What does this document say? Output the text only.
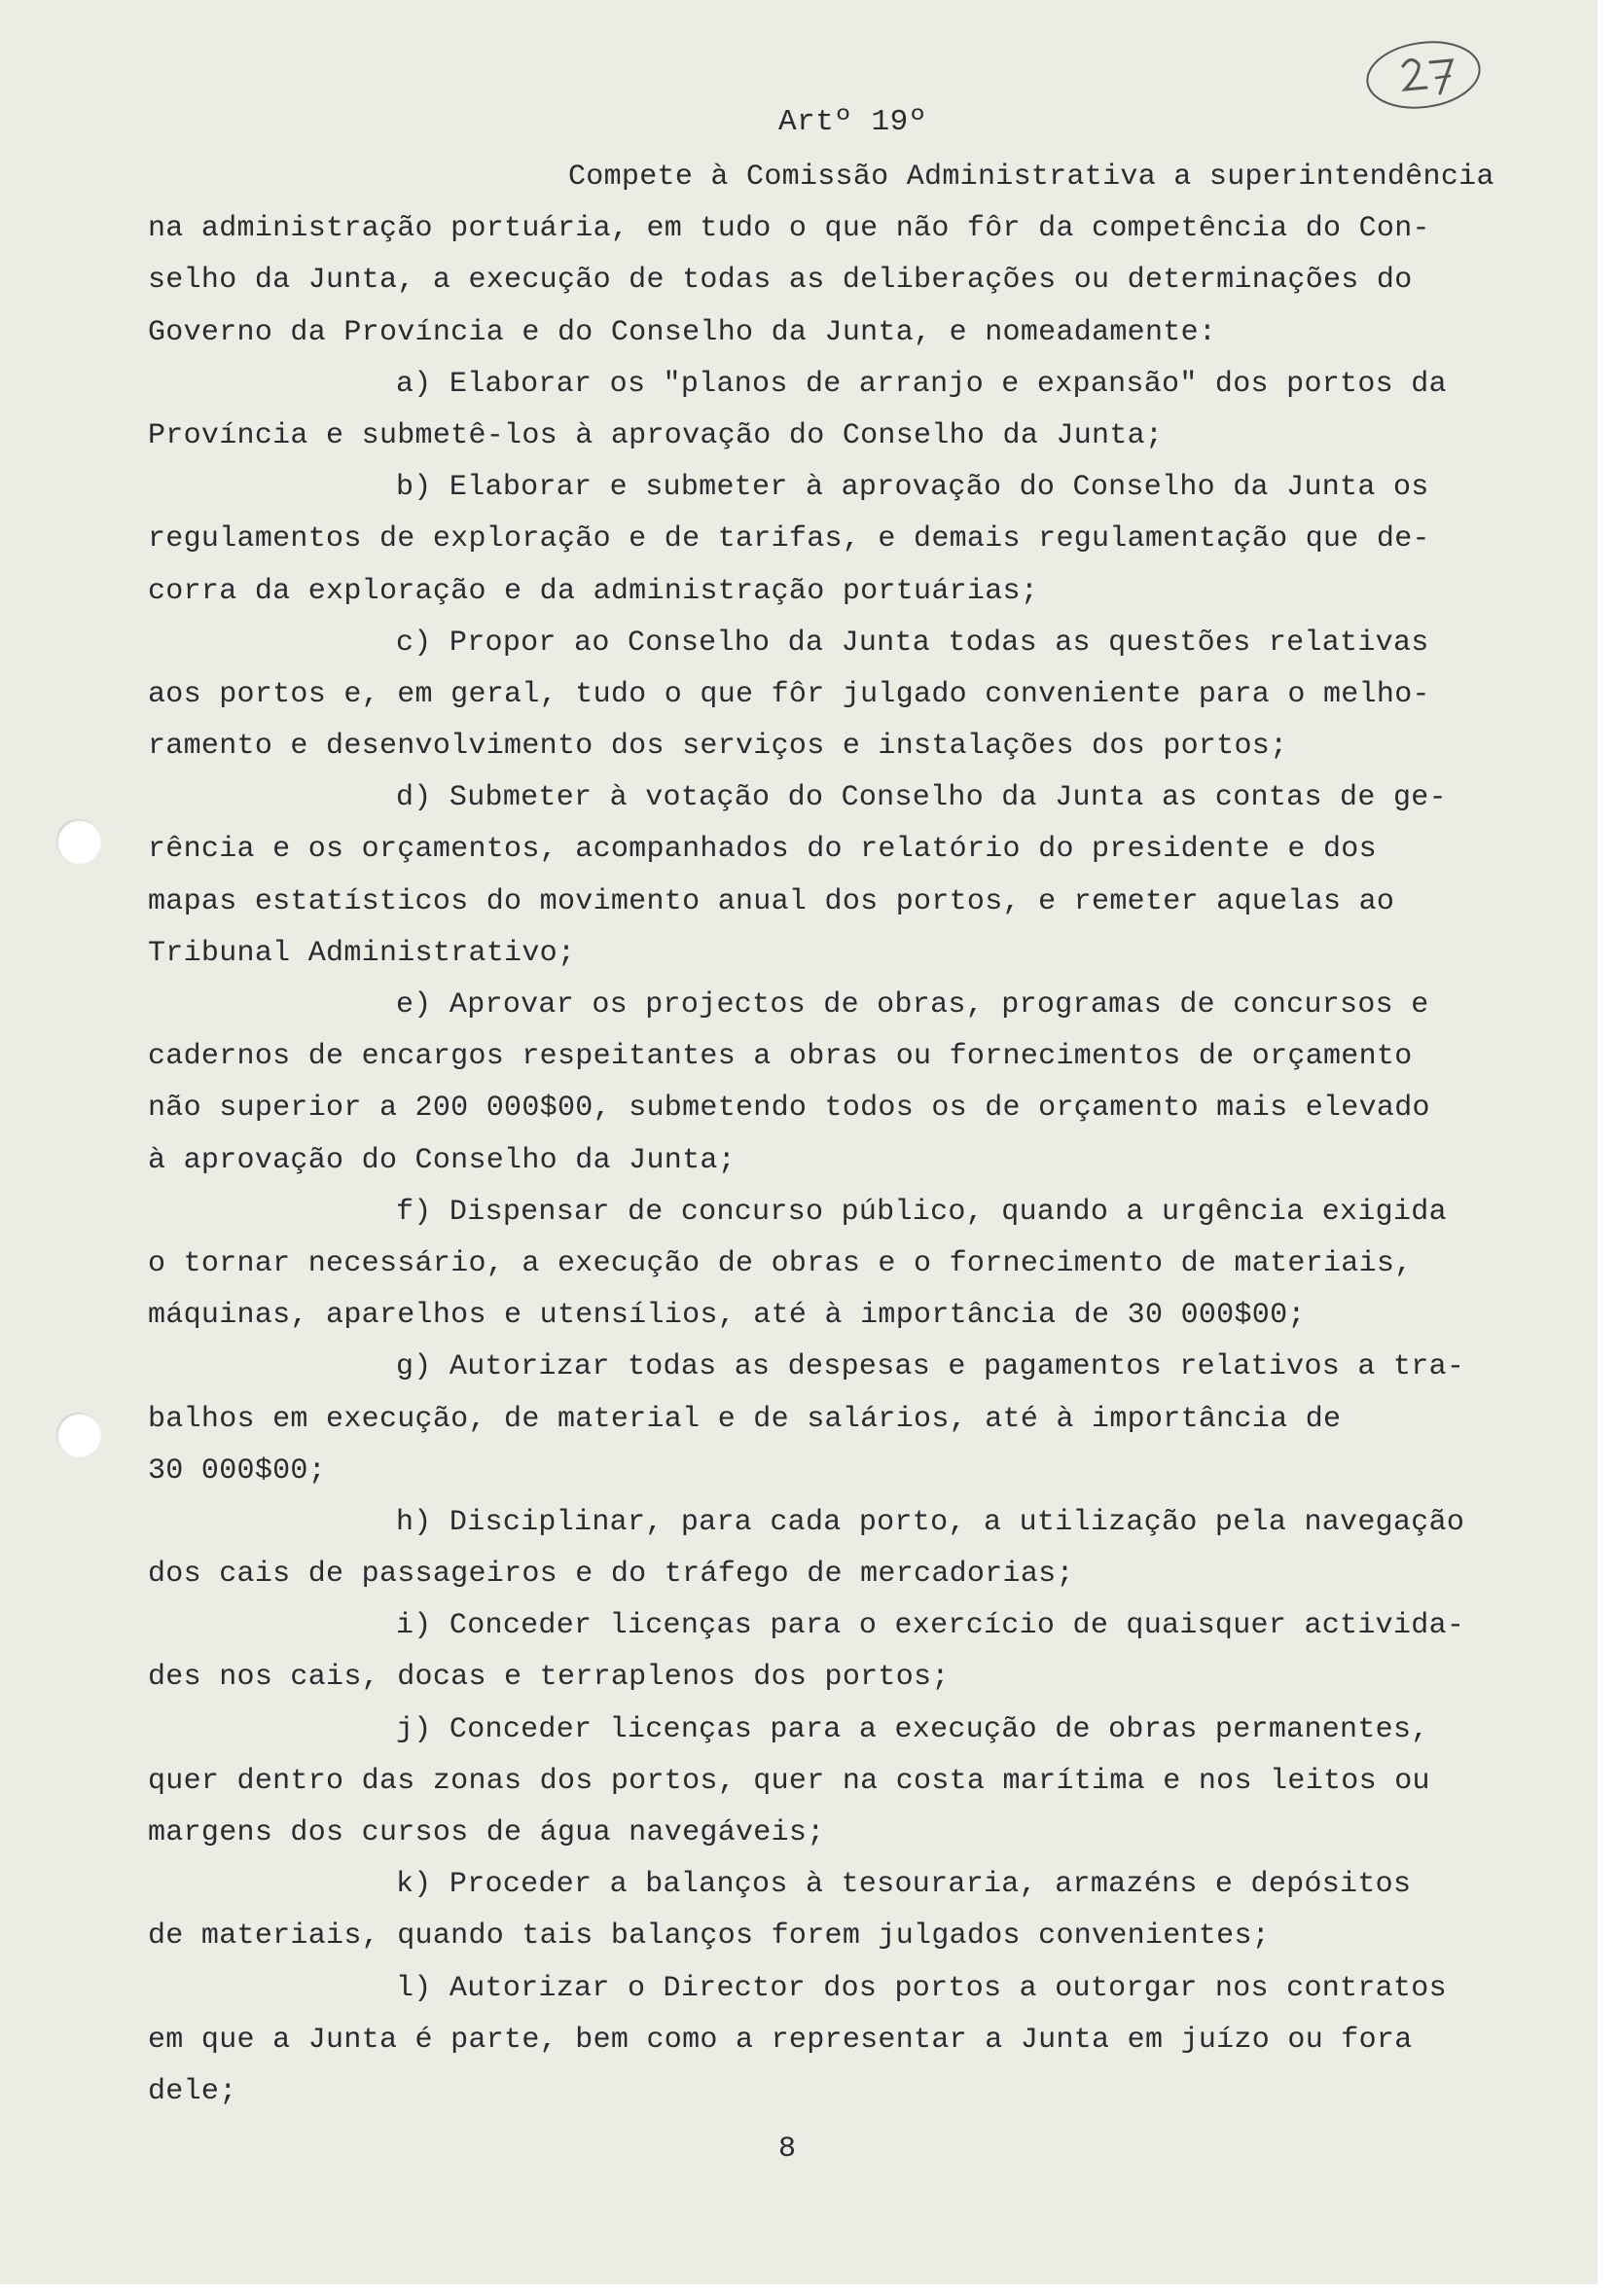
Artº 19º
Compete à Comissão Administrativa a superintendência
na administração portuária, em tudo o que não fôr da competência do Con-
selho da Junta, a execução de todas as deliberações ou determinações do
Governo da Província e do Conselho da Junta, e nomeadamente:
a) Elaborar os "planos de arranjo e expansão" dos portos da
Província e submetê-los à aprovação do Conselho da Junta;
b) Elaborar e submeter à aprovação do Conselho da Junta os
regulamentos de exploração e de tarifas, e demais regulamentação que de-
corra da exploração e da administração portuárias;
c) Propor ao Conselho da Junta todas as questões relativas
aos portos e, em geral, tudo o que fôr julgado conveniente para o melho-
ramento e desenvolvimento dos serviços e instalações dos portos;
d) Submeter à votação do Conselho da Junta as contas de ge-
rência e os orçamentos, acompanhados do relatório do presidente e dos
mapas estatísticos do movimento anual dos portos, e remeter aquelas ao
Tribunal Administrativo;
e) Aprovar os projectos de obras, programas de concursos e
cadernos de encargos respeitantes a obras ou fornecimentos de orçamento
não superior a 200 000$00, submetendo todos os de orçamento mais elevado
à aprovação do Conselho da Junta;
f) Dispensar de concurso público, quando a urgência exigida
o tornar necessário, a execução de obras e o fornecimento de materiais,
máquinas, aparelhos e utensílios, até à importância de 30 000$00;
g) Autorizar todas as despesas e pagamentos relativos a tra-
balhos em execução, de material e de salários, até à importância de
30 000$00;
h) Disciplinar, para cada porto, a utilização pela navegação
dos cais de passageiros e do tráfego de mercadorias;
i) Conceder licenças para o exercício de quaisquer activida-
des nos cais, docas e terraplenos dos portos;
j) Conceder licenças para a execução de obras permanentes,
quer dentro das zonas dos portos, quer na costa marítima e nos leitos ou
margens dos cursos de água navegáveis;
k) Proceder a balanços à tesouraria, armazéns e depósitos
de materiais, quando tais balanços forem julgados convenientes;
l) Autorizar o Director dos portos a outorgar nos contratos
em que a Junta é parte, bem como a representar a Junta em juízo ou fora
dele;
8
